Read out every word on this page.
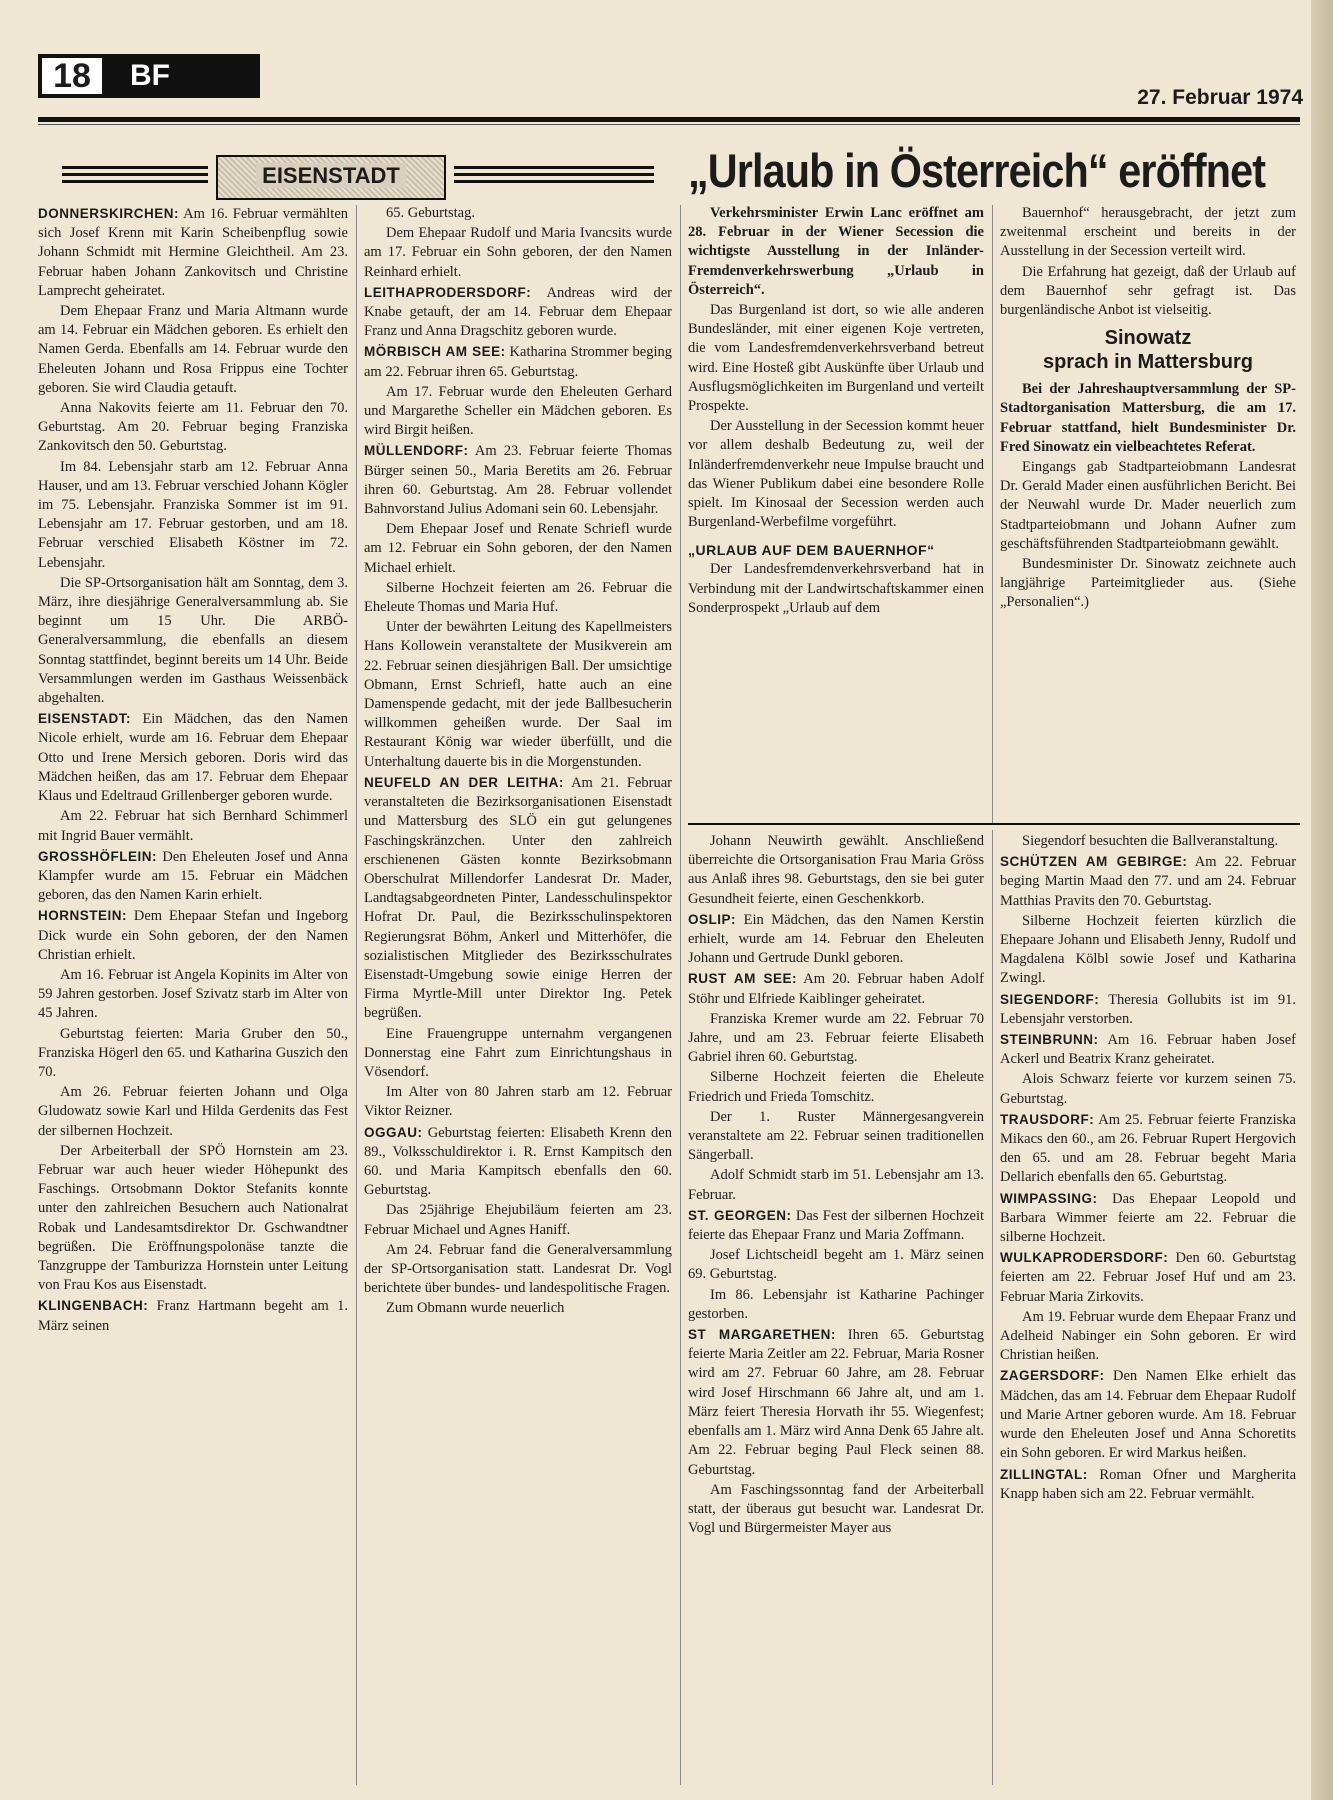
18	BF
27. Februar 1974
EISENSTADT	„Urlaub in Österreich“ eröffnet

DONNERSKIRCHEN: Am 16. Februar vermählten sich Josef Krenn mit Karin Scheibenpflug sowie Johann Schmidt mit Hermine Gleichtheil. Am 23. Februar haben Johann Zankovitsch und Christine Lamprecht geheiratet.

Dem Ehepaar Franz und Maria Altmann wurde am 14. Februar ein Mädchen geboren. Es erhielt den Namen Gerda. Ebenfalls am 14. Februar wurde den Eheleuten Johann und Rosa Frippus eine Tochter geboren. Sie wird Claudia getauft.

Anna Nakovits feierte am 11. Februar den 70. Geburtstag. Am 20. Februar beging Franziska Zankovitsch den 50. Geburtstag.

Im 84. Lebensjahr starb am 12. Februar Anna Hauser, und am 13. Februar verschied Johann Kögler im 75. Lebensjahr. Franziska Sommer ist im 91. Lebensjahr am 17. Februar gestorben, und am 18. Februar verschied Elisabeth Köstner im 72. Lebensjahr.

Die SP-Ortsorganisation hält am Sonntag, dem 3. März, ihre diesjährige Generalversammlung ab. Sie beginnt um 15 Uhr. Die ARBÖ-Generalversammlung, die ebenfalls an diesem Sonntag stattfindet, beginnt bereits um 14 Uhr. Beide Versammlungen werden im Gasthaus Weissenbäck abgehalten.

EISENSTADT: Ein Mädchen, das den Namen Nicole erhielt, wurde am 16. Februar dem Ehepaar Otto und Irene Mersich geboren. Doris wird das Mädchen heißen, das am 17. Februar dem Ehepaar Klaus und Edeltraud Grillenberger geboren wurde.

Am 22. Februar hat sich Bernhard Schimmerl mit Ingrid Bauer vermählt.

GROSSHÖFLEIN: Den Eheleuten Josef und Anna Klampfer wurde am 15. Februar ein Mädchen geboren, das den Namen Karin erhielt.

HORNSTEIN: Dem Ehepaar Stefan und Ingeborg Dick wurde ein Sohn geboren, der den Namen Christian erhielt.

Am 16. Februar ist Angela Kopinits im Alter von 59 Jahren gestorben. Josef Szivatz starb im Alter von 45 Jahren.

Geburtstag feierten: Maria Gruber den 50., Franziska Högerl den 65. und Katharina Guszich den 70.

Am 26. Februar feierten Johann und Olga Gludowatz sowie Karl und Hilda Gerdenits das Fest der silbernen Hochzeit.

Der Arbeiterball der SPÖ Hornstein am 23. Februar war auch heuer wieder Höhepunkt des Faschings. Ortsobmann Doktor Stefanits konnte unter den zahlreichen Besuchern auch Nationalrat Robak und Landesamtsdirektor Dr. Gschwandtner begrüßen. Die Eröffnungspolonäse tanzte die Tanzgruppe der Tamburizza Hornstein unter Leitung von Frau Kos aus Eisenstadt.

KLINGENBACH: Franz Hartmann begeht am 1. März seinen

65. Geburtstag.

Dem Ehepaar Rudolf und Maria Ivancsits wurde am 17. Februar ein Sohn geboren, der den Namen Reinhard erhielt.

LEITHAPRODERSDORF: Andreas wird der Knabe getauft, der am 14. Februar dem Ehepaar Franz und Anna Dragschitz geboren wurde.

MÖRBISCH AM SEE: Katharina Strommer beging am 22. Februar ihren 65. Geburtstag.

Am 17. Februar wurde den Eheleuten Gerhard und Margarethe Scheller ein Mädchen geboren. Es wird Birgit heißen.

MÜLLENDORF: Am 23. Februar feierte Thomas Bürger seinen 50., Maria Beretits am 26. Februar ihren 60. Geburtstag. Am 28. Februar vollendet Bahnvorstand Julius Adomani sein 60. Lebensjahr.

Dem Ehepaar Josef und Renate Schriefl wurde am 12. Februar ein Sohn geboren, der den Namen Michael erhielt.

Silberne Hochzeit feierten am 26. Februar die Eheleute Thomas und Maria Huf.

Unter der bewährten Leitung des Kapellmeisters Hans Kollowein veranstaltete der Musikverein am 22. Februar seinen diesjährigen Ball. Der umsichtige Obmann, Ernst Schriefl, hatte auch an eine Damenspende gedacht, mit der jede Ballbesucherin willkommen geheißen wurde. Der Saal im Restaurant König war wieder überfüllt, und die Unterhaltung dauerte bis in die Morgenstunden.

NEUFELD AN DER LEITHA: Am 21. Februar veranstalteten die Bezirksorganisationen Eisenstadt und Mattersburg des SLÖ ein gut gelungenes Faschingskränzchen. Unter den zahlreich erschienenen Gästen konnte Bezirksobmann Oberschulrat Millendorfer Landesrat Dr. Mader, Landtagsabgeordneten Pinter, Landesschulinspektor Hofrat Dr. Paul, die Bezirksschulinspektoren Regierungsrat Böhm, Ankerl und Mitterhöfer, die sozialistischen Mitglieder des Bezirksschulrates Eisenstadt-Umgebung sowie einige Herren der Firma Myrtle-Mill unter Direktor Ing. Petek begrüßen.

Eine Frauengruppe unternahm vergangenen Donnerstag eine Fahrt zum Einrichtungshaus in Vösendorf.

Im Alter von 80 Jahren starb am 12. Februar Viktor Reizner.

OGGAU: Geburtstag feierten: Elisabeth Krenn den 89., Volksschuldirektor i. R. Ernst Kampitsch den 60. und Maria Kampitsch ebenfalls den 60. Geburtstag.

Das 25jährige Ehejubiläum feierten am 23. Februar Michael und Agnes Haniff.

Am 24. Februar fand die Generalversammlung der SP-Ortsorganisation statt. Landesrat Dr. Vogl berichtete über bundes- und landespolitische Fragen.

Zum Obmann wurde neuerlich

Verkehrsminister Erwin Lanc eröffnet am 28. Februar in der Wiener Secession die wichtigste Ausstellung in der Inländer-Fremdenverkehrswerbung „Urlaub in Österreich“.

Das Burgenland ist dort, so wie alle anderen Bundesländer, mit einer eigenen Koje vertreten, die vom Landesfremdenverkehrsverband betreut wird. Eine Hosteß gibt Auskünfte über Urlaub und Ausflugsmöglichkeiten im Burgenland und verteilt Prospekte.

Der Ausstellung in der Secession kommt heuer vor allem deshalb Bedeutung zu, weil der Inländerfremdenverkehr neue Impulse braucht und das Wiener Publikum dabei eine besondere Rolle spielt. Im Kinosaal der Secession werden auch Burgenland-Werbefilme vorgeführt.

„URLAUB AUF DEM BAUERNHOF“

Der Landesfremdenverkehrsverband hat in Verbindung mit der Landwirtschaftskammer einen Sonderprospekt „Urlaub auf dem

Bauernhof“ herausgebracht, der jetzt zum zweitenmal erscheint und bereits in der Ausstellung in der Secession verteilt wird.

Die Erfahrung hat gezeigt, daß der Urlaub auf dem Bauernhof sehr gefragt ist. Das burgenländische Anbot ist vielseitig.

Sinowatz
sprach in Mattersburg

Bei der Jahreshauptversammlung der SP-Stadtorganisation Mattersburg, die am 17. Februar stattfand, hielt Bundesminister Dr. Fred Sinowatz ein vielbeachtetes Referat.

Eingangs gab Stadtparteiobmann Landesrat Dr. Gerald Mader einen ausführlichen Bericht. Bei der Neuwahl wurde Dr. Mader neuerlich zum Stadtparteiobmann und Johann Aufner zum geschäftsführenden Stadtparteiobmann gewählt.

Bundesminister Dr. Sinowatz zeichnete auch langjährige Parteimitglieder aus. (Siehe „Personalien“.)

Johann Neuwirth gewählt. Anschließend überreichte die Ortsorganisation Frau Maria Gröss aus Anlaß ihres 98. Geburtstags, den sie bei guter Gesundheit feierte, einen Geschenkkorb.

OSLIP: Ein Mädchen, das den Namen Kerstin erhielt, wurde am 14. Februar den Eheleuten Johann und Gertrude Dunkl geboren.

RUST AM SEE: Am 20. Februar haben Adolf Stöhr und Elfriede Kaiblinger geheiratet.

Franziska Kremer wurde am 22. Februar 70 Jahre, und am 23. Februar feierte Elisabeth Gabriel ihren 60. Geburtstag.

Silberne Hochzeit feierten die Eheleute Friedrich und Frieda Tomschitz.

Der 1. Ruster Männergesangverein veranstaltete am 22. Februar seinen traditionellen Sängerball.

Adolf Schmidt starb im 51. Lebensjahr am 13. Februar.

ST. GEORGEN: Das Fest der silbernen Hochzeit feierte das Ehepaar Franz und Maria Zoffmann.

Josef Lichtscheidl begeht am 1. März seinen 69. Geburtstag.

Im 86. Lebensjahr ist Katharine Pachinger gestorben.

ST MARGARETHEN: Ihren 65. Geburtstag feierte Maria Zeitler am 22. Februar, Maria Rosner wird am 27. Februar 60 Jahre, am 28. Februar wird Josef Hirschmann 66 Jahre alt, und am 1. März feiert Theresia Horvath ihr 55. Wiegenfest; ebenfalls am 1. März wird Anna Denk 65 Jahre alt. Am 22. Februar beging Paul Fleck seinen 88. Geburtstag.

Am Faschingssonntag fand der Arbeiterball statt, der überaus gut besucht war. Landesrat Dr. Vogl und Bürgermeister Mayer aus

Siegendorf besuchten die Ballveranstaltung.

SCHÜTZEN AM GEBIRGE: Am 22. Februar beging Martin Maad den 77. und am 24. Februar Matthias Pravits den 70. Geburtstag.

Silberne Hochzeit feierten kürzlich die Ehepaare Johann und Elisabeth Jenny, Rudolf und Magdalena Kölbl sowie Josef und Katharina Zwingl.

SIEGENDORF: Theresia Gollubits ist im 91. Lebensjahr verstorben.

STEINBRUNN: Am 16. Februar haben Josef Ackerl und Beatrix Kranz geheiratet.

Alois Schwarz feierte vor kurzem seinen 75. Geburtstag.

TRAUSDORF: Am 25. Februar feierte Franziska Mikacs den 60., am 26. Februar Rupert Hergovich den 65. und am 28. Februar begeht Maria Dellarich ebenfalls den 65. Geburtstag.

WIMPASSING: Das Ehepaar Leopold und Barbara Wimmer feierte am 22. Februar die silberne Hochzeit.

WULKAPRODERSDORF: Den 60. Geburtstag feierten am 22. Februar Josef Huf und am 23. Februar Maria Zirkovits.

Am 19. Februar wurde dem Ehepaar Franz und Adelheid Nabinger ein Sohn geboren. Er wird Christian heißen.

ZAGERSDORF: Den Namen Elke erhielt das Mädchen, das am 14. Februar dem Ehepaar Rudolf und Marie Artner geboren wurde. Am 18. Februar wurde den Eheleuten Josef und Anna Schoretits ein Sohn geboren. Er wird Markus heißen.

ZILLINGTAL: Roman Ofner und Margherita Knapp haben sich am 22. Februar vermählt.
